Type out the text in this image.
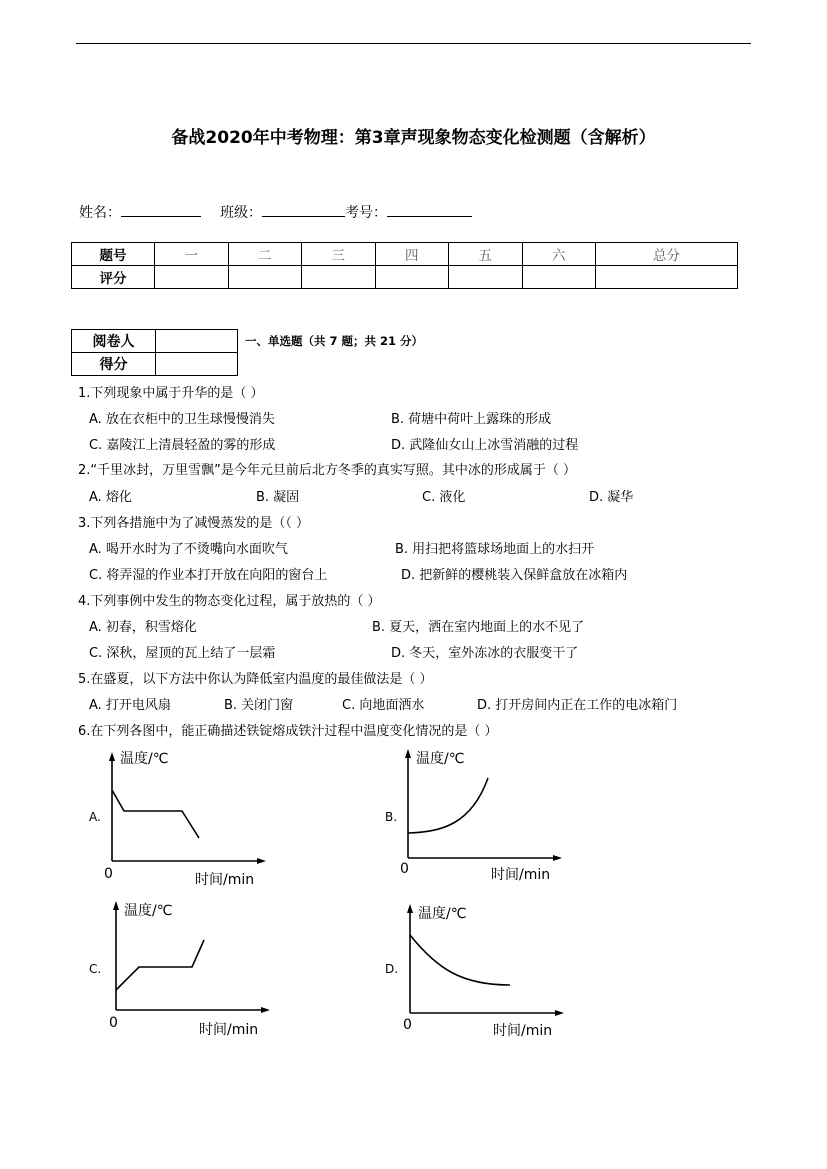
备战2020年中考物理：第3章声现象物态变化检测题（含解析）
姓名：	班级：	考号：
题号	一	二	三	四	五	六	总分
评分							
阅卷人	
得分	
一、单选题（共 7 题；共 21 分）
1.下列现象中属于升华的是（ ）
A. 放在衣柜中的卫生球慢慢消失	B. 荷塘中荷叶上露珠的形成
C. 嘉陵江上清晨轻盈的雾的形成	D. 武隆仙女山上冰雪消融的过程
2.“千里冰封，万里雪飘”是今年元旦前后北方冬季的真实写照。其中冰的形成属于（ ）
A. 熔化	B. 凝固	C. 液化	D. 凝华
3.下列各措施中为了减慢蒸发的是（（ ）
A. 喝开水时为了不烫嘴向水面吹气	B. 用扫把将篮球场地面上的水扫开
C. 将弄湿的作业本打开放在向阳的窗台上	D. 把新鲜的樱桃装入保鲜盒放在冰箱内
4.下列事例中发生的物态变化过程，属于放热的（ ）
A. 初春，积雪熔化	B. 夏天，洒在室内地面上的水不见了
C. 深秋，屋顶的瓦上结了一层霜	D. 冬天，室外冻冰的衣服变干了
5.在盛夏，以下方法中你认为降低室内温度的最佳做法是（ ）
A. 打开电风扇	B. 关闭门窗	C. 向地面洒水	D. 打开房间内正在工作的电冰箱门
6.在下列各图中，能正确描述铁锭熔成铁汁过程中温度变化情况的是（ ）
A.	B.
C.	D.
温度/℃
0	时间/min
温度/℃
0	时间/min
温度/℃
0	时间/min
温度/℃
0	时间/min
